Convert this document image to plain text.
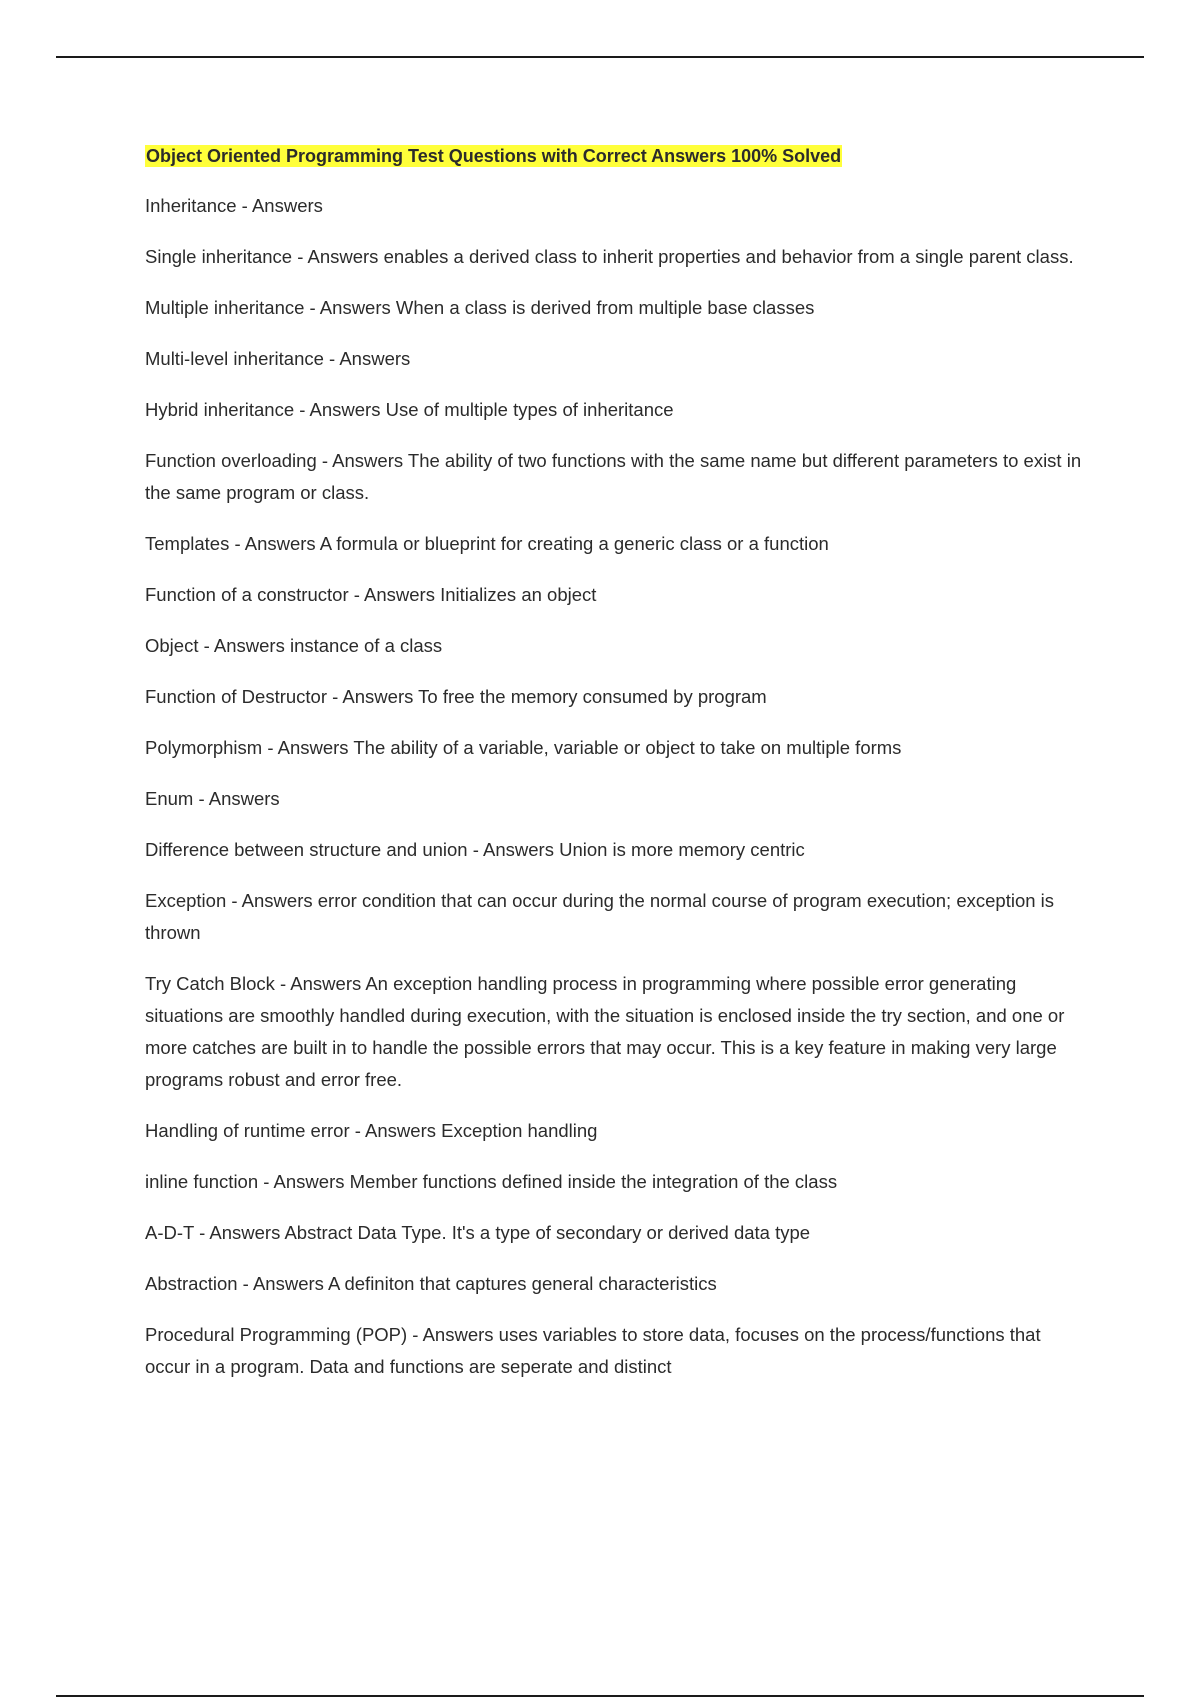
Object Oriented Programming Test Questions with Correct Answers 100% Solved

Inheritance - Answers
Single inheritance - Answers enables a derived class to inherit properties and behavior from a single parent class.
Multiple inheritance - Answers When a class is derived from multiple base classes
Multi-level inheritance - Answers
Hybrid inheritance - Answers Use of multiple types of inheritance
Function overloading - Answers The ability of two functions with the same name but different parameters to exist in the same program or class.
Templates - Answers A formula or blueprint for creating a generic class or a function
Function of a constructor - Answers Initializes an object
Object - Answers instance of a class
Function of Destructor - Answers To free the memory consumed by program
Polymorphism - Answers The ability of a variable, variable or object to take on multiple forms
Enum - Answers
Difference between structure and union - Answers Union is more memory centric
Exception - Answers error condition that can occur during the normal course of program execution; exception is thrown
Try Catch Block - Answers An exception handling process in programming where possible error generating situations are smoothly handled during execution, with the situation is enclosed inside the try section, and one or more catches are built in to handle the possible errors that may occur. This is a key feature in making very large programs robust and error free.
Handling of runtime error - Answers Exception handling
inline function - Answers Member functions defined inside the integration of the class
A-D-T - Answers Abstract Data Type. It's a type of secondary or derived data type
Abstraction - Answers A definiton that captures general characteristics
Procedural Programming (POP) - Answers uses variables to store data, focuses on the process/functions that occur in a program. Data and functions are seperate and distinct
